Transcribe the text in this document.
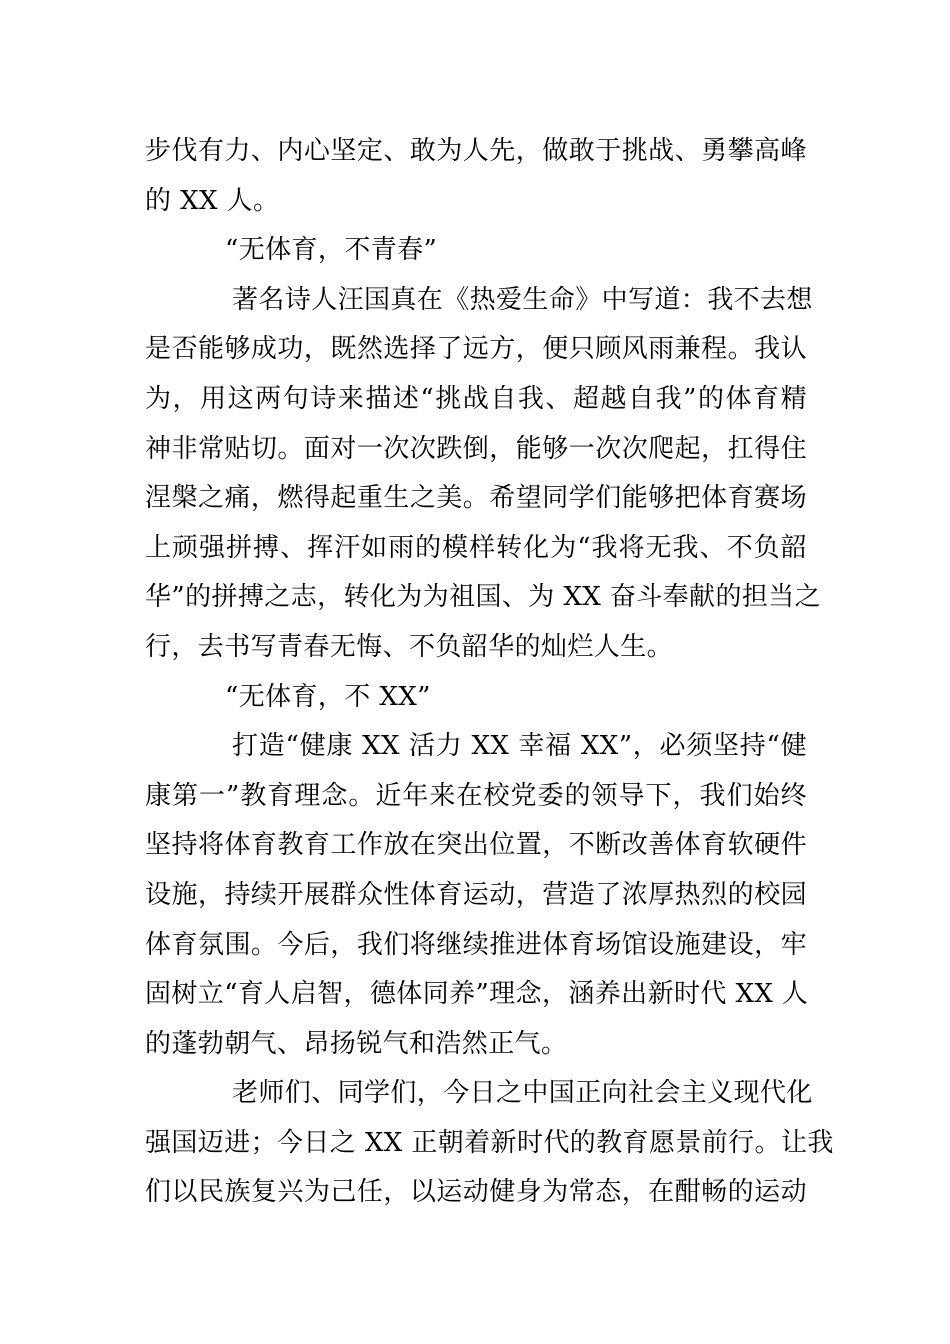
步伐有力、内心坚定、敢为人先，做敢于挑战、勇攀高峰
的 XX 人。
“无体育，不青春”
著名诗人汪国真在《热爱生命》中写道：我不去想
是否能够成功，既然选择了远方，便只顾风雨兼程。我认
为，用这两句诗来描述“挑战自我、超越自我”的体育精
神非常贴切。面对一次次跌倒，能够一次次爬起，扛得住
涅槃之痛，燃得起重生之美。希望同学们能够把体育赛场
上顽强拼搏、挥汗如雨的模样转化为“我将无我、不负韶
华”的拼搏之志，转化为为祖国、为 XX 奋斗奉献的担当之
行，去书写青春无悔、不负韶华的灿烂人生。
“无体育，不 XX”
打造“健康 XX 活力 XX 幸福 XX”，必须坚持“健
康第一”教育理念。近年来在校党委的领导下，我们始终
坚持将体育教育工作放在突出位置，不断改善体育软硬件
设施，持续开展群众性体育运动，营造了浓厚热烈的校园
体育氛围。今后，我们将继续推进体育场馆设施建设，牢
固树立“育人启智，德体同养”理念，涵养出新时代 XX 人
的蓬勃朝气、昂扬锐气和浩然正气。
老师们、同学们，今日之中国正向社会主义现代化
强国迈进；今日之 XX 正朝着新时代的教育愿景前行。让我
们以民族复兴为己任，以运动健身为常态，在酣畅的运动
